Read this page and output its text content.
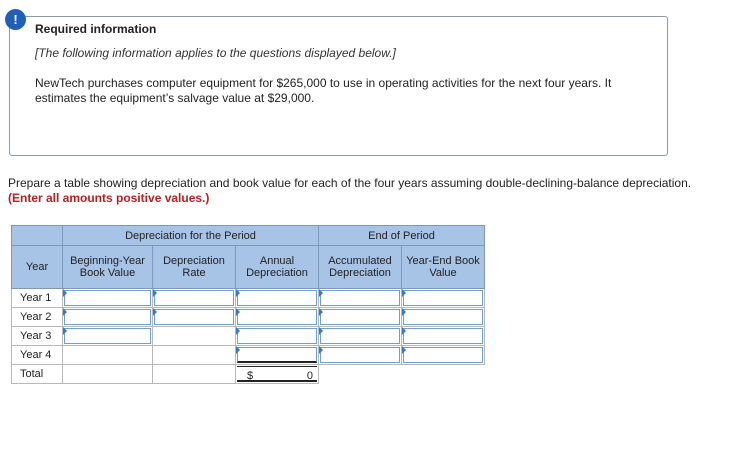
!
Required information
[The following information applies to the questions displayed below.]
NewTech purchases computer equipment for $265,000 to use in operating activities for the next four years. It estimates the equipment’s salvage value at $29,000.
Prepare a table showing depreciation and book value for each of the four years assuming double-declining-balance depreciation. (Enter all amounts positive values.)
	Depreciation for the Period			End of Period	
Year	Beginning-Year Book Value	Depreciation Rate	Annual Depreciation	Accumulated Depreciation	Year-End Book Value
Year 1	

Year 2	

Year 3	

Year 4			

Total			$ 0		
